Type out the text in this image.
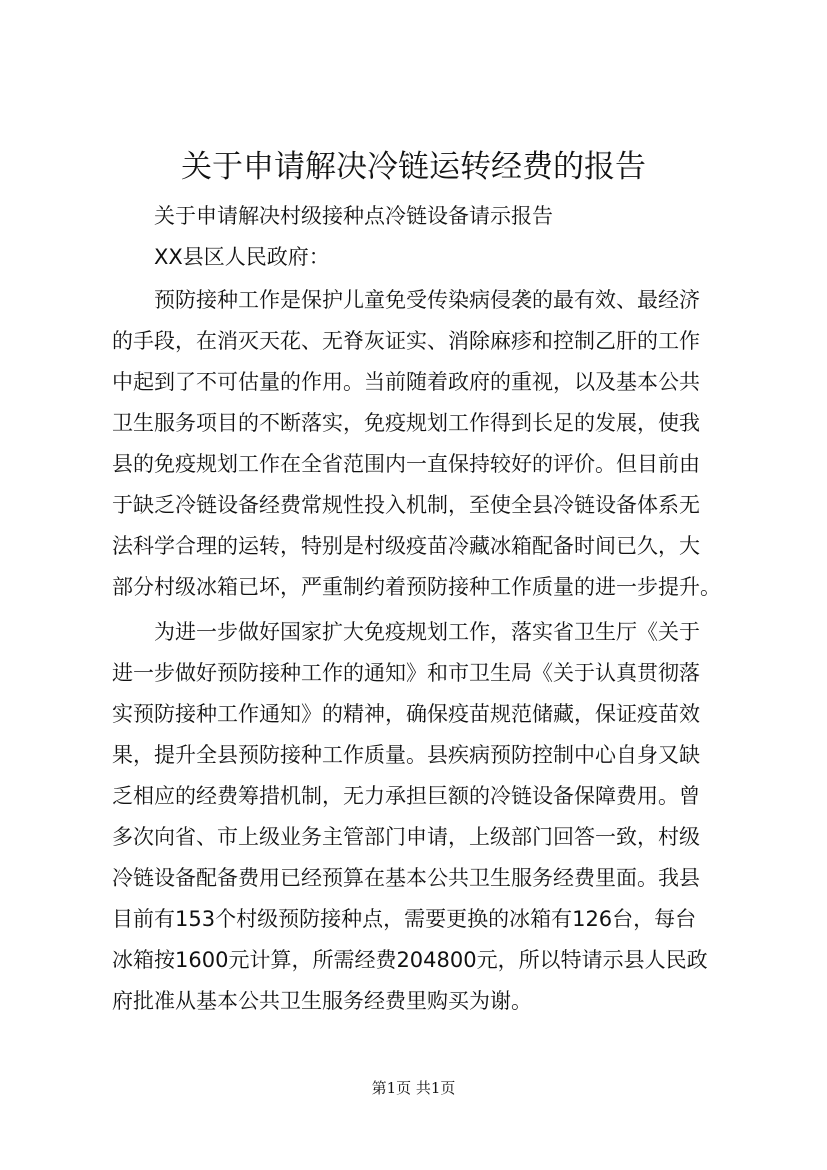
关于申请解决冷链运转经费的报告
关于申请解决村级接种点冷链设备请示报告
XX县区人民政府：
预防接种工作是保护儿童免受传染病侵袭的最有效、最经济
的手段，在消灭天花、无脊灰证实、消除麻疹和控制乙肝的工作
中起到了不可估量的作用。当前随着政府的重视，以及基本公共
卫生服务项目的不断落实，免疫规划工作得到长足的发展，使我
县的免疫规划工作在全省范围内一直保持较好的评价。但目前由
于缺乏冷链设备经费常规性投入机制，至使全县冷链设备体系无
法科学合理的运转，特别是村级疫苗冷藏冰箱配备时间已久，大
部分村级冰箱已坏，严重制约着预防接种工作质量的进一步提升。
为进一步做好国家扩大免疫规划工作，落实省卫生厅《关于
进一步做好预防接种工作的通知》和市卫生局《关于认真贯彻落
实预防接种工作通知》的精神，确保疫苗规范储藏，保证疫苗效
果，提升全县预防接种工作质量。县疾病预防控制中心自身又缺
乏相应的经费筹措机制，无力承担巨额的冷链设备保障费用。曾
多次向省、市上级业务主管部门申请，上级部门回答一致，村级
冷链设备配备费用已经预算在基本公共卫生服务经费里面。我县
目前有153个村级预防接种点，需要更换的冰箱有126台，每台
冰箱按1600元计算，所需经费204800元，所以特请示县人民政
府批准从基本公共卫生服务经费里购买为谢。
第1页 共1页
